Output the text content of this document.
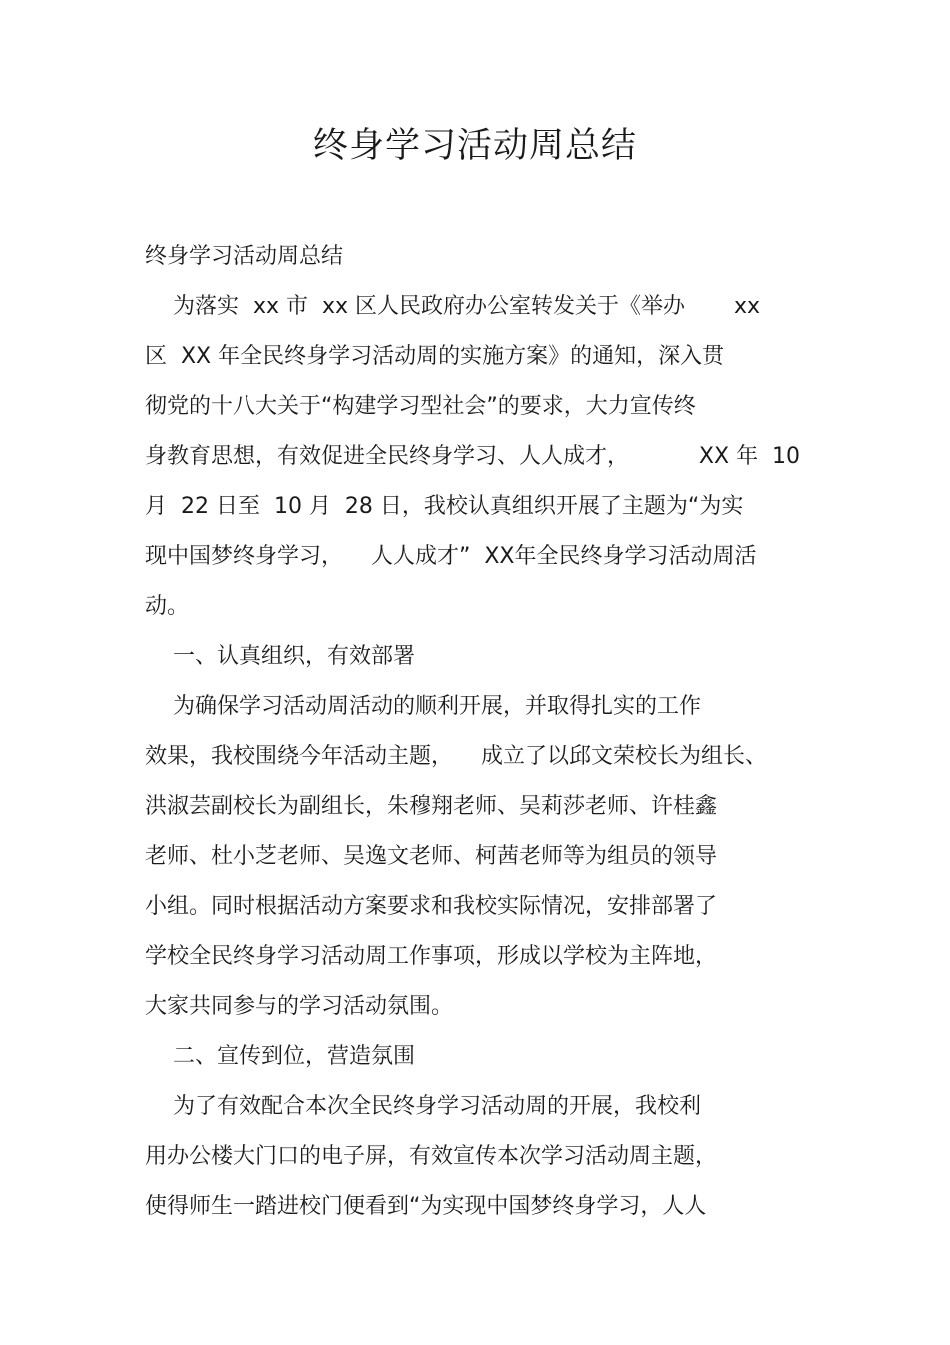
终身学习活动周总结

终身学习活动周总结

为落实  xx 市  xx 区人民政府办公室转发关于《举办       xx

区  XX 年全民终身学习活动周的实施方案》的通知，深入贯

彻党的十八大关于“构建学习型社会”的要求，大力宣传终

身教育思想，有效促进全民终身学习、人人成才，          XX 年  10

月  22 日至  10 月  28 日，我校认真组织开展了主题为“为实

现中国梦终身学习，    人人成才”  XX年全民终身学习活动周活

动。

一、认真组织，有效部署

为确保学习活动周活动的顺利开展，并取得扎实的工作

效果，我校围绕今年活动主题，    成立了以邱文荣校长为组长、

洪淑芸副校长为副组长，朱穆翔老师、吴莉莎老师、许桂鑫

老师、杜小芝老师、吴逸文老师、柯茜老师等为组员的领导

小组。同时根据活动方案要求和我校实际情况，安排部署了

学校全民终身学习活动周工作事项，形成以学校为主阵地，

大家共同参与的学习活动氛围。

二、宣传到位，营造氛围

为了有效配合本次全民终身学习活动周的开展，我校利

用办公楼大门口的电子屏，有效宣传本次学习活动周主题，

使得师生一踏进校门便看到“为实现中国梦终身学习，人人
